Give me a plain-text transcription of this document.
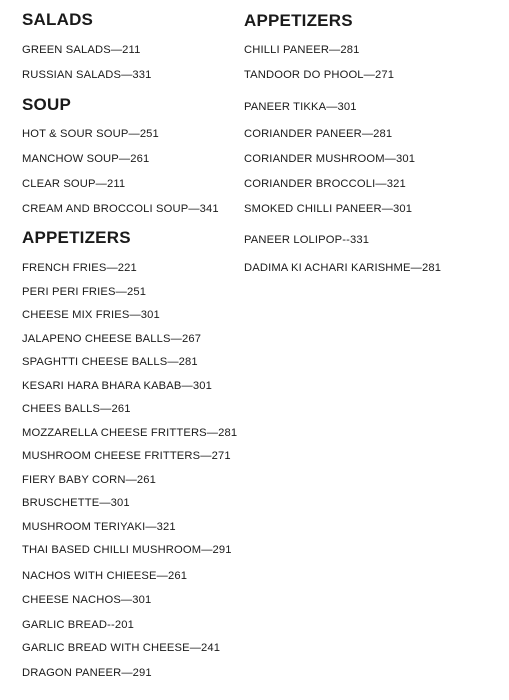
SALADS
GREEN SALADS—211
RUSSIAN SALADS—331
SOUP
HOT & SOUR SOUP—251
MANCHOW SOUP—261
CLEAR SOUP—211
CREAM AND BROCCOLI SOUP—341
APPETIZERS
FRENCH FRIES—221
PERI PERI FRIES—251
CHEESE MIX FRIES—301
JALAPENO CHEESE BALLS—267
SPAGHTTI CHEESE BALLS—281
KESARI HARA BHARA KABAB—301
CHEES BALLS—261
MOZZARELLA CHEESE FRITTERS—281
MUSHROOM CHEESE FRITTERS—271
FIERY BABY CORN—261
BRUSCHETTE—301
MUSHROOM TERIYAKI—321
THAI BASED CHILLI MUSHROOM—291
NACHOS WITH CHIEESE—261
CHEESE NACHOS—301
GARLIC BREAD--201
GARLIC BREAD WITH CHEESE—241
DRAGON PANEER—291
APPETIZERS
CHILLI PANEER—281
TANDOOR DO PHOOL—271
PANEER TIKKA—301
CORIANDER PANEER—281
CORIANDER MUSHROOM—301
CORIANDER BROCCOLI—321
SMOKED CHILLI PANEER—301
PANEER LOLIPOP--331
DADIMA KI ACHARI KARISHME—281
